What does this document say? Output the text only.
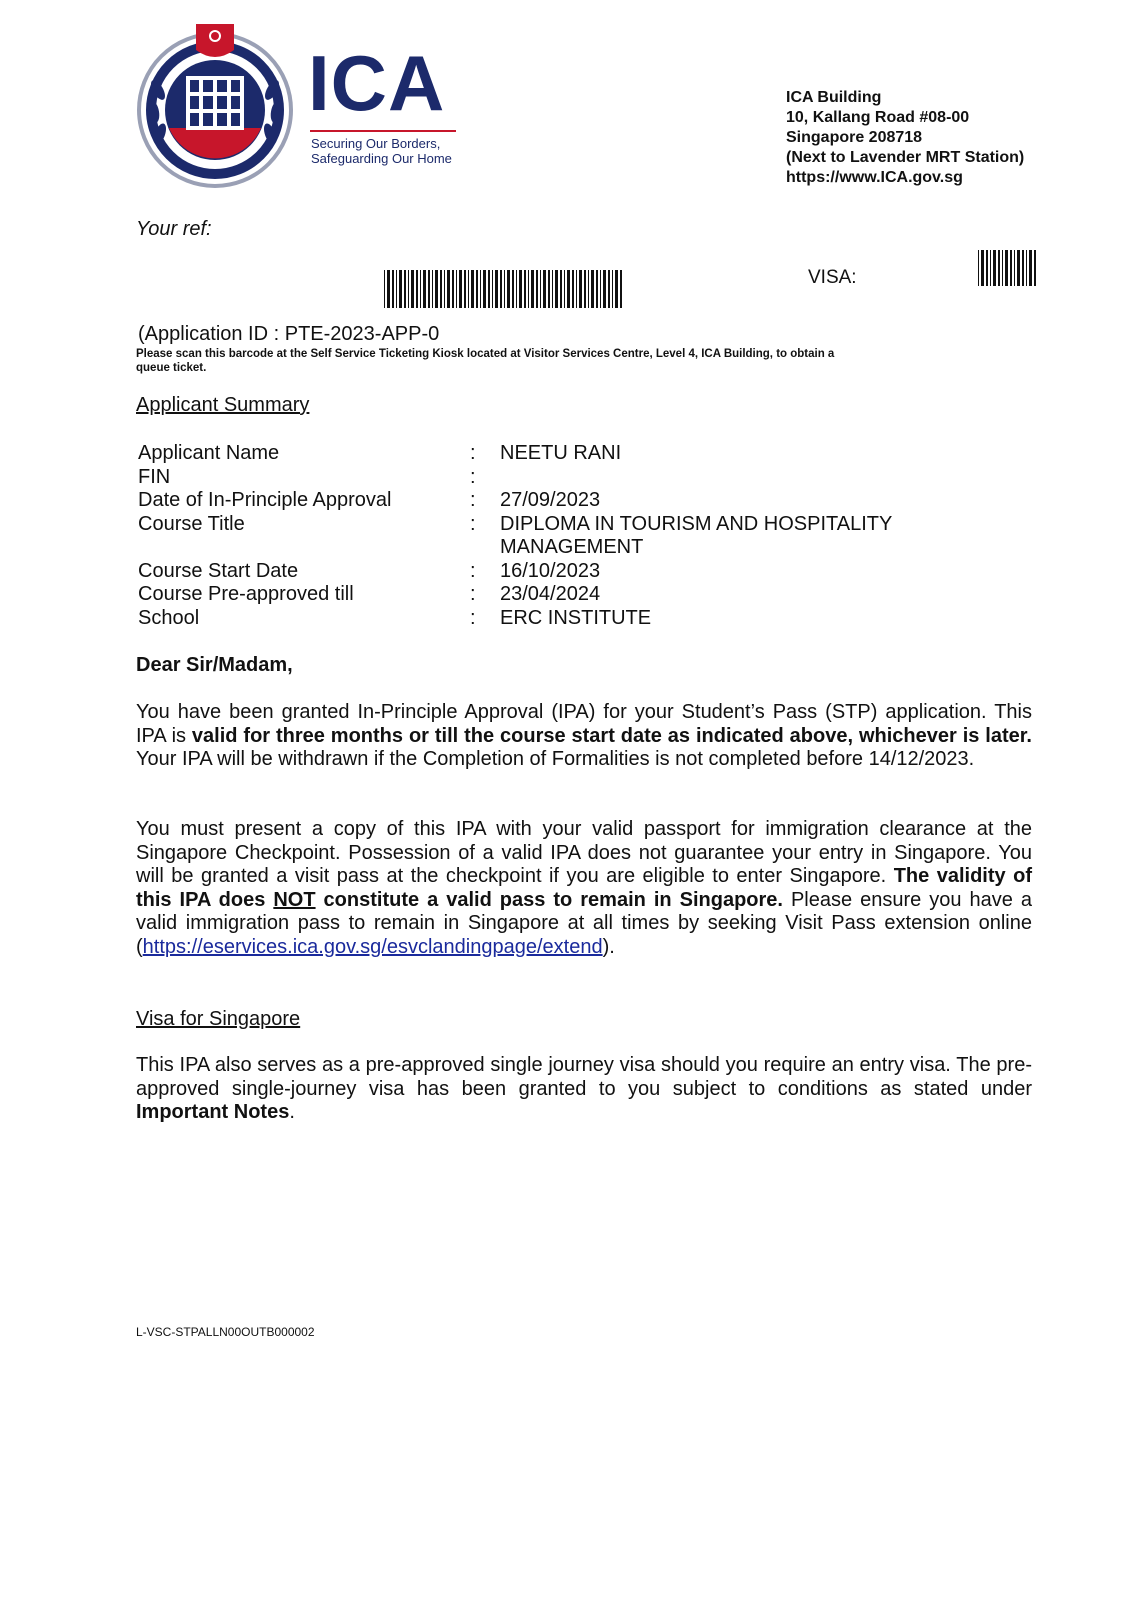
ICA
Securing Our Borders,
Safeguarding Our Home
ICA Building
10, Kallang Road #08-00
Singapore 208718
(Next to Lavender MRT Station)
https://www.ICA.gov.sg
Your ref:
VISA:
(Application ID : PTE-2023-APP-0
Please scan this barcode at the Self Service Ticketing Kiosk located at Visitor Services Centre, Level 4, ICA Building, to obtain a queue ticket.
Applicant Summary
Applicant Name	:	NEETU RANI
FIN	:	
Date of In-Principle Approval	:	27/09/2023
Course Title	:	DIPLOMA IN TOURISM AND HOSPITALITY MANAGEMENT
Course Start Date	:	16/10/2023
Course Pre-approved till	:	23/04/2024
School	:	ERC INSTITUTE
Dear Sir/Madam,
You have been granted In-Principle Approval (IPA) for your Student’s Pass (STP) application. This IPA is valid for three months or till the course start date as indicated above, whichever is later. Your IPA will be withdrawn if the Completion of Formalities is not completed before 14/12/2023.
You must present a copy of this IPA with your valid passport for immigration clearance at the Singapore Checkpoint. Possession of a valid IPA does not guarantee your entry in Singapore. You will be granted a visit pass at the checkpoint if you are eligible to enter Singapore. The validity of this IPA does NOT constitute a valid pass to remain in Singapore. Please ensure you have a valid immigration pass to remain in Singapore at all times by seeking Visit Pass extension online (https://eservices.ica.gov.sg/esvclandingpage/extend).
Visa for Singapore
This IPA also serves as a pre-approved single journey visa should you require an entry visa. The pre-approved single-journey visa has been granted to you subject to conditions as stated under Important Notes.
L-VSC-STPALLN00OUTB000002
